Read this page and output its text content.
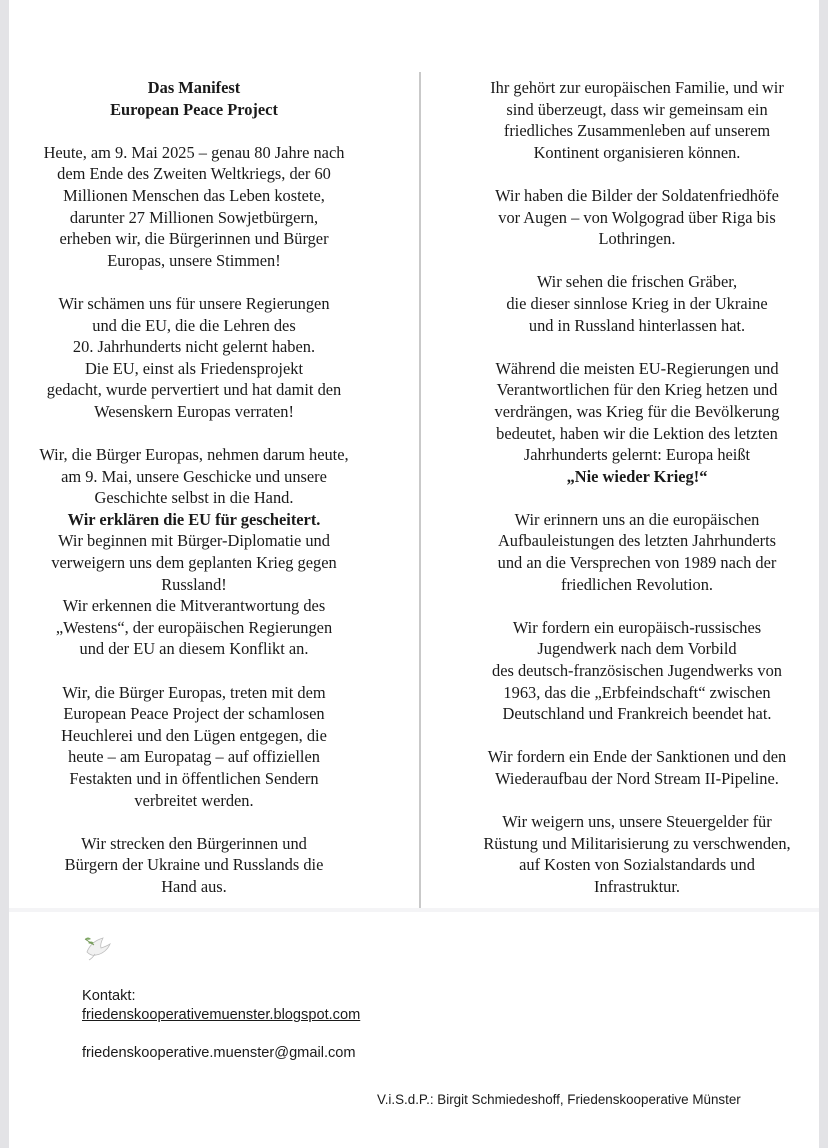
Das Manifest
European Peace Project

Heute, am 9. Mai 2025 – genau 80 Jahre nach
dem Ende des Zweiten Weltkriegs, der 60
Millionen Menschen das Leben kostete,
darunter 27 Millionen Sowjetbürgern,
erheben wir, die Bürgerinnen und Bürger
Europas, unsere Stimmen!

Wir schämen uns für unsere Regierungen
und die EU, die die Lehren des
20. Jahrhunderts nicht gelernt haben.
Die EU, einst als Friedensprojekt
gedacht, wurde pervertiert und hat damit den
Wesenskern Europas verraten!

Wir, die Bürger Europas, nehmen darum heute,
am 9. Mai, unsere Geschicke und unsere
Geschichte selbst in die Hand.
Wir erklären die EU für gescheitert.
Wir beginnen mit Bürger-Diplomatie und
verweigern uns dem geplanten Krieg gegen
Russland!
Wir erkennen die Mitverantwortung des
„Westens“, der europäischen Regierungen
und der EU an diesem Konflikt an.

Wir, die Bürger Europas, treten mit dem
European Peace Project der schamlosen
Heuchlerei und den Lügen entgegen, die
heute – am Europatag – auf offiziellen
Festakten und in öffentlichen Sendern
verbreitet werden.

Wir strecken den Bürgerinnen und
Bürgern der Ukraine und Russlands die
Hand aus.

Ihr gehört zur europäischen Familie, und wir
sind überzeugt, dass wir gemeinsam ein
friedliches Zusammenleben auf unserem
Kontinent organisieren können.

Wir haben die Bilder der Soldatenfriedhöfe
vor Augen – von Wolgograd über Riga bis
Lothringen.

Wir sehen die frischen Gräber,
die dieser sinnlose Krieg in der Ukraine
und in Russland hinterlassen hat.

Während die meisten EU-Regierungen und
Verantwortlichen für den Krieg hetzen und
verdrängen, was Krieg für die Bevölkerung
bedeutet, haben wir die Lektion des letzten
Jahrhunderts gelernt: Europa heißt
„Nie wieder Krieg!“

Wir erinnern uns an die europäischen
Aufbauleistungen des letzten Jahrhunderts
und an die Versprechen von 1989 nach der
friedlichen Revolution.

Wir fordern ein europäisch-russisches
Jugendwerk nach dem Vorbild
des deutsch-französischen Jugendwerks von
1963, das die „Erbfeindschaft“ zwischen
Deutschland und Frankreich beendet hat.

Wir fordern ein Ende der Sanktionen und den
Wiederaufbau der Nord Stream II-Pipeline.

Wir weigern uns, unsere Steuergelder für
Rüstung und Militarisierung zu verschwenden,
auf Kosten von Sozialstandards und
Infrastruktur.

Kontakt:
friedenskooperativemuenster.blogspot.com
friedenskooperative.muenster@gmail.com
V.i.S.d.P.: Birgit Schmiedeshoff, Friedenskooperative Münster
